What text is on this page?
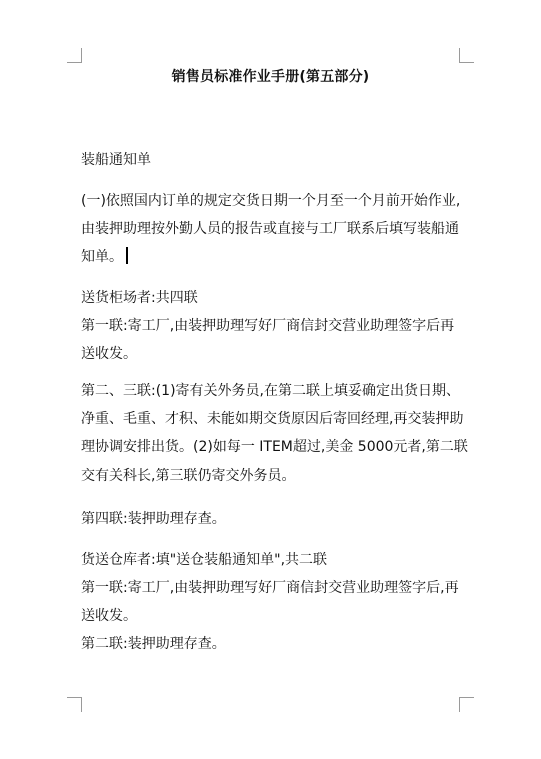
销售员标准作业手册(第五部分)
装船通知单
(一)依照国内订单的规定交货日期一个月至一个月前开始作业,
由装押助理按外勤人员的报告或直接与工厂联系后填写装船通
知单。
送货柜场者:共四联
第一联:寄工厂,由装押助理写好厂商信封交营业助理签字后再
送收发。
第二、三联:(1)寄有关外务员,在第二联上填妥确定出货日期、
净重、毛重、才积、未能如期交货原因后寄回经理,再交装押助
理协调安排出货。(2)如每一 ITEM超过,美金 5000元者,第二联
交有关科长,第三联仍寄交外务员。
第四联:装押助理存查。
货送仓库者:填"送仓装船通知单",共二联
第一联:寄工厂,由装押助理写好厂商信封交营业助理签字后,再
送收发。
第二联:装押助理存查。
